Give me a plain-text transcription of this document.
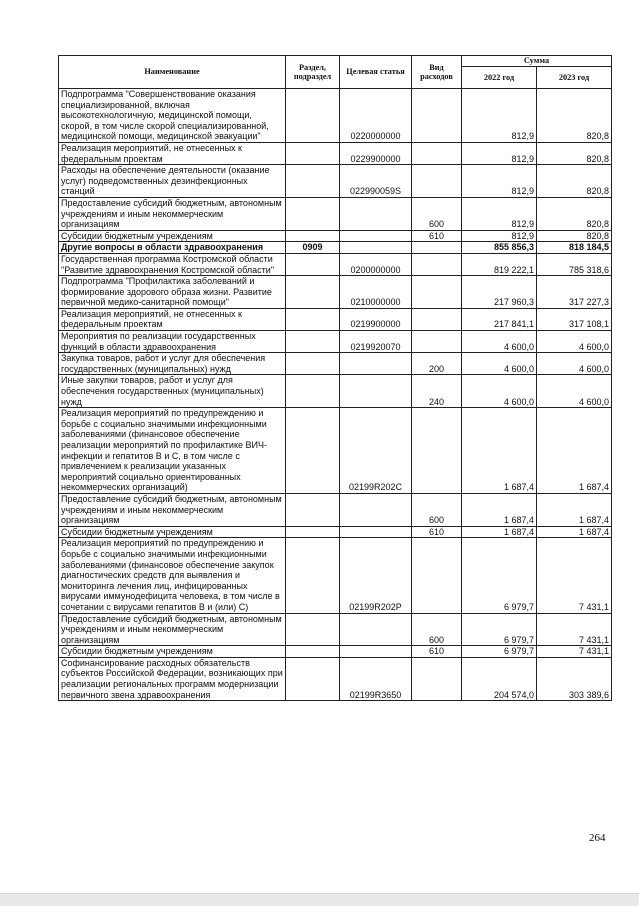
Наименование	Раздел, подраздел	Целевая статья	Вид расходов	Сумма	
				2022 год	2023 год
Подпрограмма "Совершенствование оказания специализированной, включая высокотехнологичную, медицинской помощи, скорой, в том числе скорой специализированной, медицинской помощи, медицинской эвакуации"		0220000000		812,9	820,8
Реализация мероприятий, не отнесенных к федеральным проектам		0229900000		812,9	820,8
Расходы на обеспечение деятельности (оказание услуг) подведомственных дезинфекционных станций		022990059S		812,9	820,8
Предоставление субсидий бюджетным, автономным учреждениям и иным некоммерческим организациям			600	812,9	820,8
Субсидии бюджетным учреждениям			610	812,9	820,8
Другие вопросы в области здравоохранения	0909			855 856,3	818 184,5
Государственная программа Костромской области "Развитие здравоохранения Костромской области"		0200000000		819 222,1	785 318,6
Подпрограмма "Профилактика заболеваний и формирование здорового образа жизни. Развитие первичной медико-санитарной помощи"		0210000000		217 960,3	317 227,3
Реализация мероприятий, не отнесенных к федеральным проектам		0219900000		217 841,1	317 108,1
Мероприятия по реализации государственных функций в области здравоохранения		0219920070		4 600,0	4 600,0
Закупка товаров, работ и услуг для обеспечения государственных (муниципальных) нужд			200	4 600,0	4 600,0
Иные закупки товаров, работ и услуг для обеспечения государственных (муниципальных) нужд			240	4 600,0	4 600,0
Реализация мероприятий по предупреждению и борьбе с социально значимыми инфекционными заболеваниями (финансовое обеспечение реализации мероприятий по профилактике ВИЧ- инфекции и гепатитов В и С, в том числе с привлечением к реализации указанных мероприятий социально ориентированных некоммерческих организаций)		02199R202C		1 687,4	1 687,4
Предоставление субсидий бюджетным, автономным учреждениям и иным некоммерческим организациям			600	1 687,4	1 687,4
Субсидии бюджетным учреждениям			610	1 687,4	1 687,4
Реализация мероприятий по предупреждению и борьбе с социально значимыми инфекционными заболеваниями (финансовое обеспечение закупок диагностических средств для выявления и мониторинга лечения лиц, инфицированных вирусами иммунодефицита человека, в том числе в сочетании с вирусами гепатитов В и (или) С)		02199R202P		6 979,7	7 431,1
Предоставление субсидий бюджетным, автономным учреждениям и иным некоммерческим организациям			600	6 979,7	7 431,1
Субсидии бюджетным учреждениям			610	6 979,7	7 431,1
Софинансирование расходных обязательств субъектов Российской Федерации, возникающих при реализации региональных программ модернизации первичного звена здравоохранения		02199R3650		204 574,0	303 389,6
264
